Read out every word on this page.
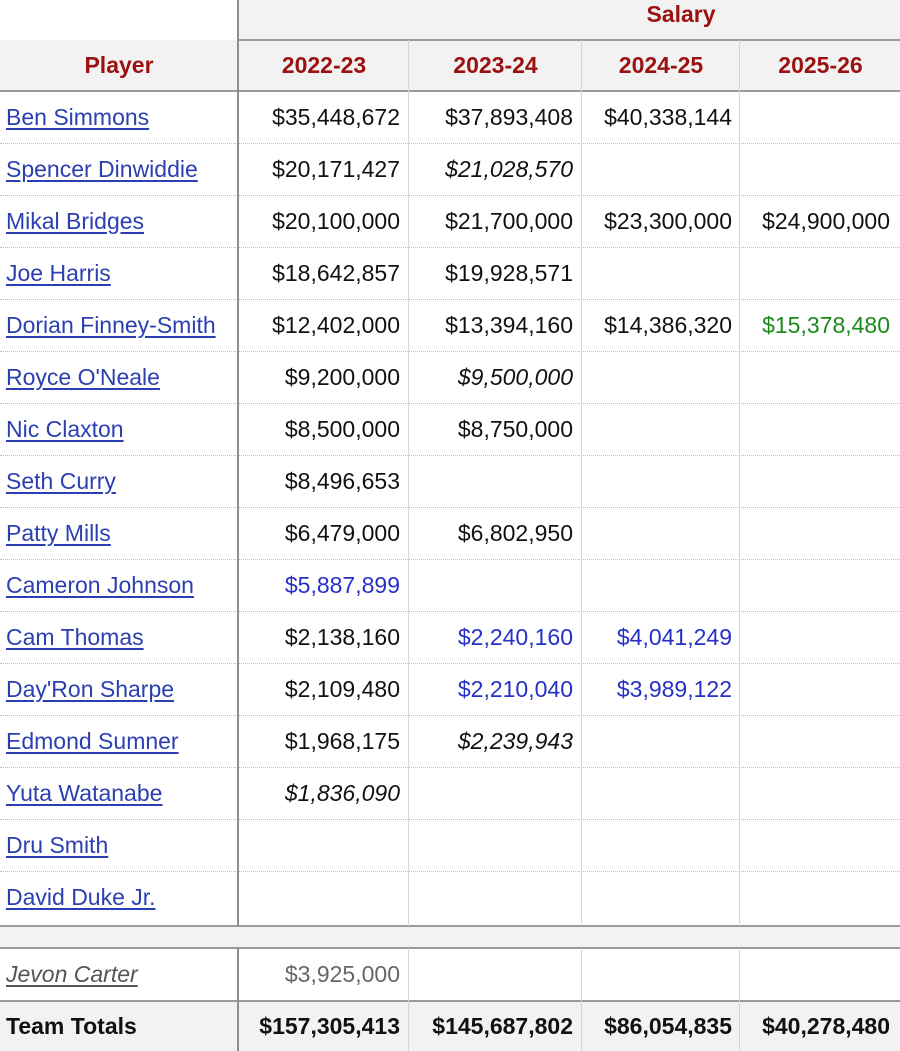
Salary
Player	2022-23	2023-24	2024-25	2025-26
Ben Simmons	$35,448,672	$37,893,408	$40,338,144
Spencer Dinwiddie	$20,171,427	$21,028,570
Mikal Bridges	$20,100,000	$21,700,000	$23,300,000	$24,900,000
Joe Harris	$18,642,857	$19,928,571
Dorian Finney-Smith	$12,402,000	$13,394,160	$14,386,320	$15,378,480
Royce O'Neale	$9,200,000	$9,500,000
Nic Claxton	$8,500,000	$8,750,000
Seth Curry	$8,496,653
Patty Mills	$6,479,000	$6,802,950
Cameron Johnson	$5,887,899
Cam Thomas	$2,138,160	$2,240,160	$4,041,249
Day'Ron Sharpe	$2,109,480	$2,210,040	$3,989,122
Edmond Sumner	$1,968,175	$2,239,943
Yuta Watanabe	$1,836,090
Dru Smith
David Duke Jr.
Jevon Carter	$3,925,000
Team Totals	$157,305,413	$145,687,802	$86,054,835	$40,278,480
